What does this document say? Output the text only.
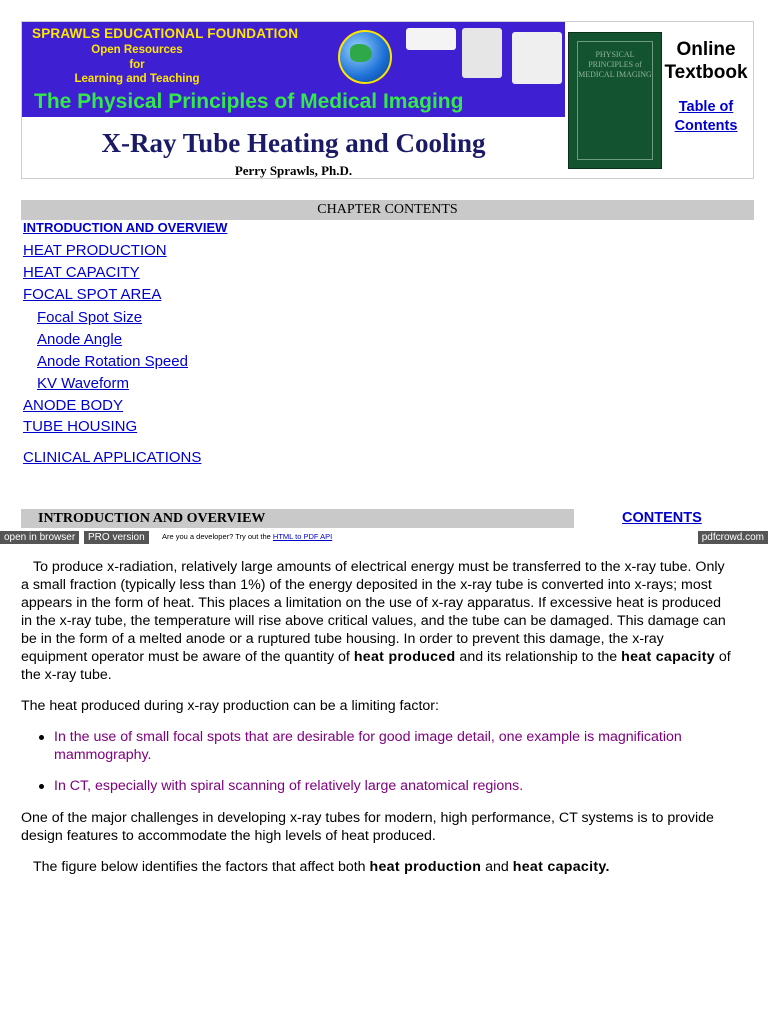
SPRAWLS EDUCATIONAL FOUNDATION
Open Resources
for
Learning and Teaching
The Physical Principles of Medical Imaging
X-Ray Tube Heating and Cooling
Perry Sprawls, Ph.D.
PHYSICAL PRINCIPLES of MEDICAL IMAGING
Online
Textbook
Table of
Contents
CHAPTER CONTENTS
INTRODUCTION AND OVERVIEW
HEAT PRODUCTION
HEAT CAPACITY
FOCAL SPOT AREA
Focal Spot Size
Anode Angle
Anode Rotation Speed
KV Waveform
ANODE BODY
TUBE HOUSING
CLINICAL APPLICATIONS
INTRODUCTION AND OVERVIEW	CONTENTS
open in browser	PRO version	Are you a developer? Try out the HTML to PDF API	pdfcrowd.com
To produce x-radiation, relatively large amounts of electrical energy must be transferred to the x-ray tube. Only a small fraction (typically less than 1%) of the energy deposited in the x-ray tube is converted into x-rays; most appears in the form of heat. This places a limitation on the use of x-ray apparatus. If excessive heat is produced in the x-ray tube, the temperature will rise above critical values, and the tube can be damaged. This damage can be in the form of a melted anode or a ruptured tube housing. In order to prevent this damage, the x-ray equipment operator must be aware of the quantity of heat produced and its relationship to the heat capacity of the x-ray tube.
The heat produced during x-ray production can be a limiting factor:
In the use of small focal spots that are desirable for good image detail, one example is magnification mammography.
In CT, especially with spiral scanning of relatively large anatomical regions.
One of the major challenges in developing x-ray tubes for modern, high performance, CT systems is to provide design features to accommodate the high levels of heat produced.
The figure below identifies the factors that affect both heat production and heat capacity.
